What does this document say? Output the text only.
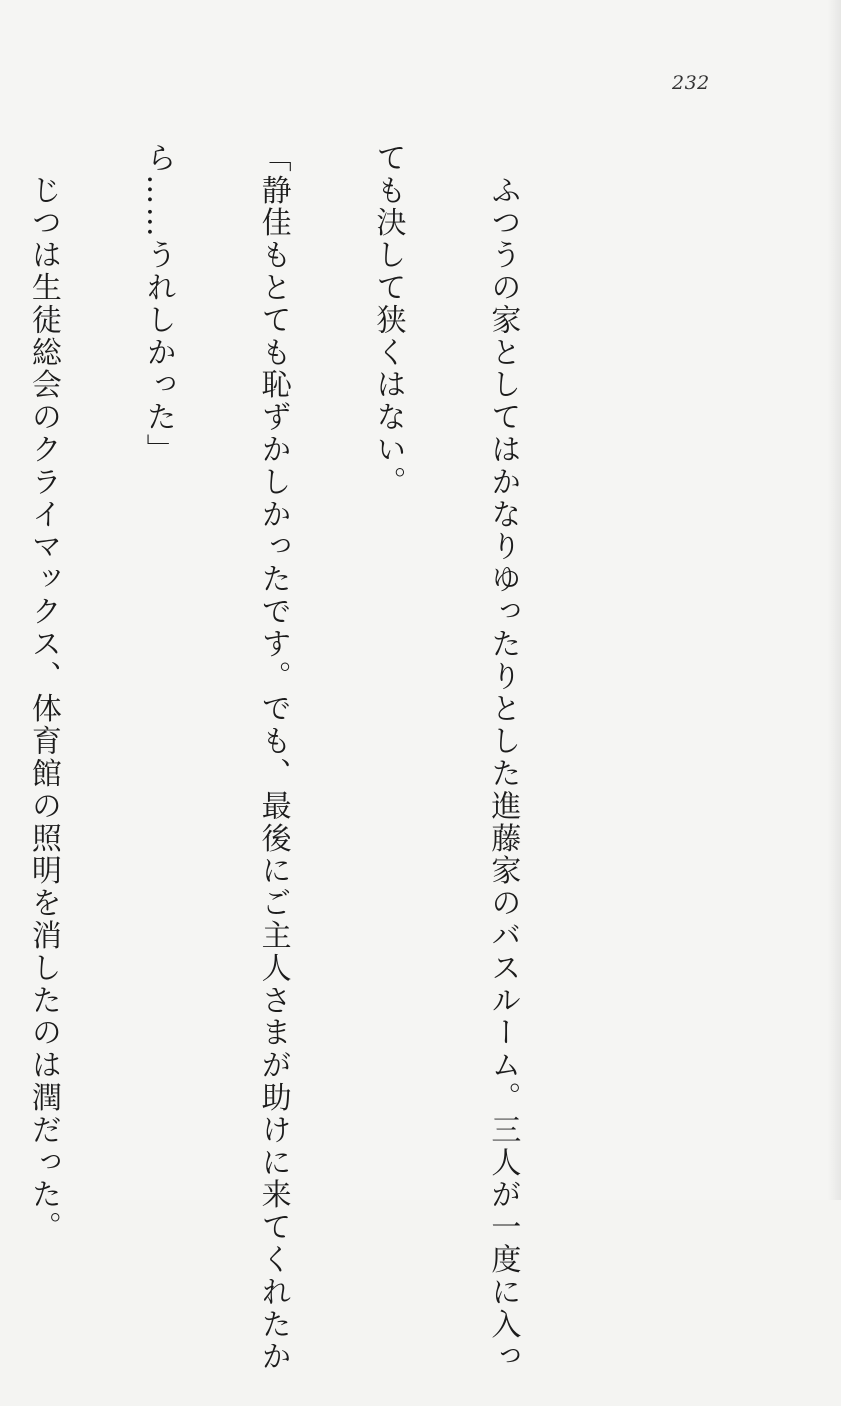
232

　ふつうの家としてはかなりゆったりとした進藤家のバスルーム。三人が一度に入っ

ても決して狭くはない。

「静佳もとても恥ずかしかったです。でも、最後にご主人さまが助けに来てくれたか

ら……うれしかった」

　じつは生徒総会のクライマックス、体育館の照明を消したのは潤だった。
